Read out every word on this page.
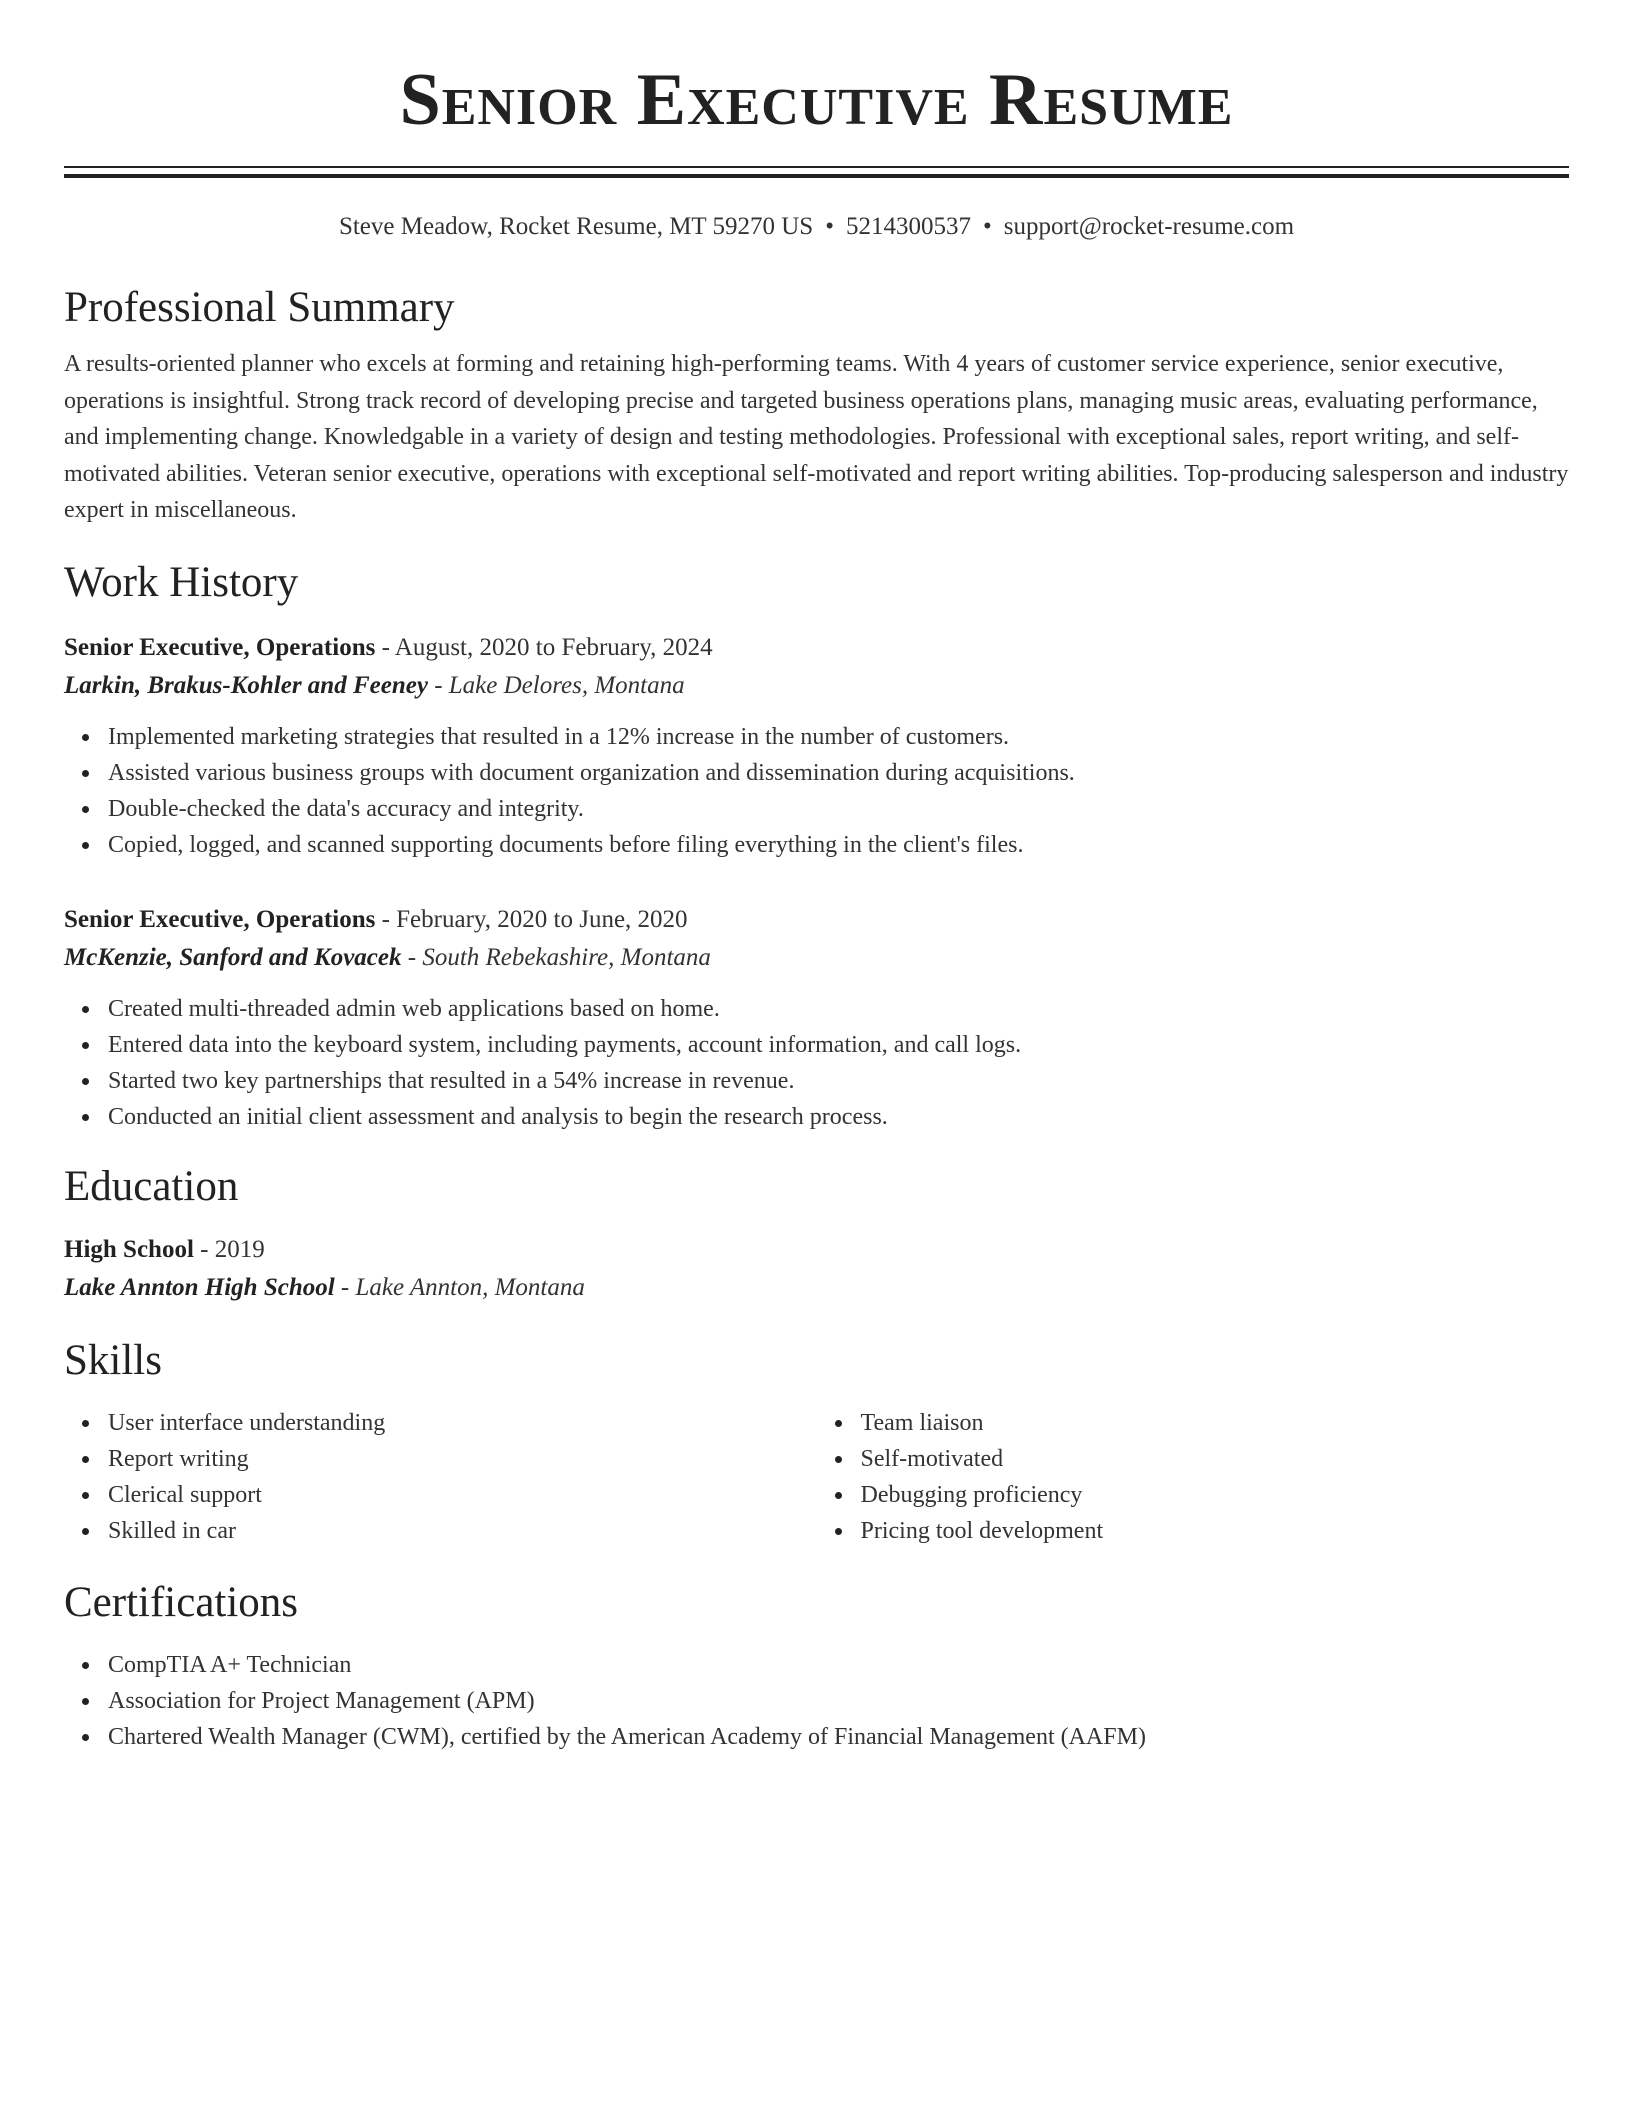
Senior Executive Resume
Steve Meadow, Rocket Resume, MT 59270 US • 5214300537 • support@rocket-resume.com
Professional Summary
A results-oriented planner who excels at forming and retaining high-performing teams. With 4 years of customer service experience, senior executive, operations is insightful. Strong track record of developing precise and targeted business operations plans, managing music areas, evaluating performance, and implementing change. Knowledgable in a variety of design and testing methodologies. Professional with exceptional sales, report writing, and self-motivated abilities. Veteran senior executive, operations with exceptional self-motivated and report writing abilities. Top-producing salesperson and industry expert in miscellaneous.
Work History
Senior Executive, Operations - August, 2020 to February, 2024
Larkin, Brakus-Kohler and Feeney - Lake Delores, Montana
Implemented marketing strategies that resulted in a 12% increase in the number of customers.
Assisted various business groups with document organization and dissemination during acquisitions.
Double-checked the data's accuracy and integrity.
Copied, logged, and scanned supporting documents before filing everything in the client's files.
Senior Executive, Operations - February, 2020 to June, 2020
McKenzie, Sanford and Kovacek - South Rebekashire, Montana
Created multi-threaded admin web applications based on home.
Entered data into the keyboard system, including payments, account information, and call logs.
Started two key partnerships that resulted in a 54% increase in revenue.
Conducted an initial client assessment and analysis to begin the research process.
Education
High School - 2019
Lake Annton High School - Lake Annton, Montana
Skills
User interface understanding
Report writing
Clerical support
Skilled in car
Team liaison
Self-motivated
Debugging proficiency
Pricing tool development
Certifications
CompTIA A+ Technician
Association for Project Management (APM)
Chartered Wealth Manager (CWM), certified by the American Academy of Financial Management (AAFM)
